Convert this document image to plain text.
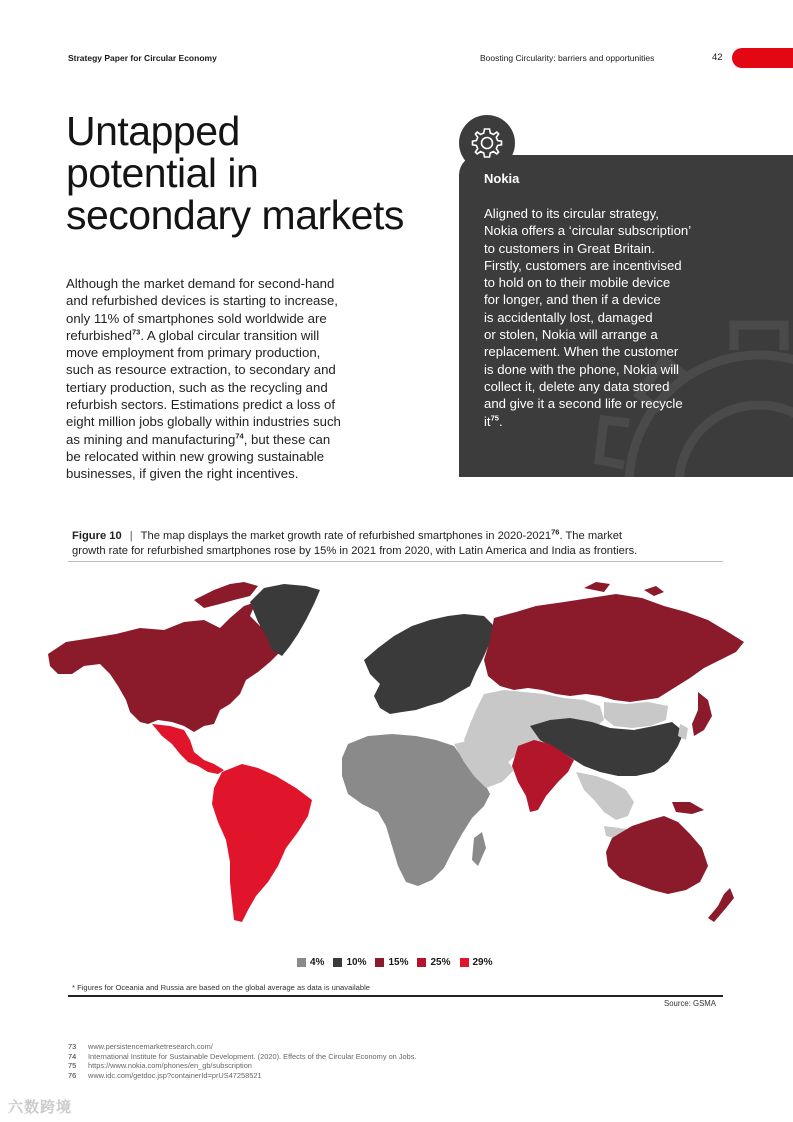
Strategy Paper for Circular Economy	Boosting Circularity: barriers and opportunities	42
Untapped
potential in
secondary markets
Although the market demand for second-hand
and refurbished devices is starting to increase,
only 11% of smartphones sold worldwide are
refurbished$^{73}$. A global circular transition will
move employment from primary production,
such as resource extraction, to secondary and
tertiary production, such as the recycling and
refurbish sectors. Estimations predict a loss of
eight million jobs globally within industries such
as mining and manufacturing$^{74}$, but these can
be relocated within new growing sustainable
businesses, if given the right incentives.
Nokia
Aligned to its circular strategy,
Nokia offers a ‘circular subscription’
to customers in Great Britain.
Firstly, customers are incentivised
to hold on to their mobile device
for longer, and then if a device
is accidentally lost, damaged
or stolen, Nokia will arrange a
replacement. When the customer
is done with the phone, Nokia will
collect it, delete any data stored
and give it a second life or recycle
$it^{75}$.
Figure 10 | The map displays the market growth rate of refurbished smartphones in 2020-2021$^{76}$. The market
growth rate for refurbished smartphones rose by 15% in 2021 from 2020, with Latin America and India as frontiers.
4% 10% 15% 25% 29%
* Figures for Oceania and Russia are based on the global average as data is unavailable
Source: GSMA
73	www.persistencemarketresearch.com/
74	International Institute for Sustainable Development. (2020). Effects of the Circular Economy on Jobs.
75	https://www.nokia.com/phones/en_gb/subscription
76	www.idc.com/getdoc.jsp?containerId=prUS47258521
六数跨境
